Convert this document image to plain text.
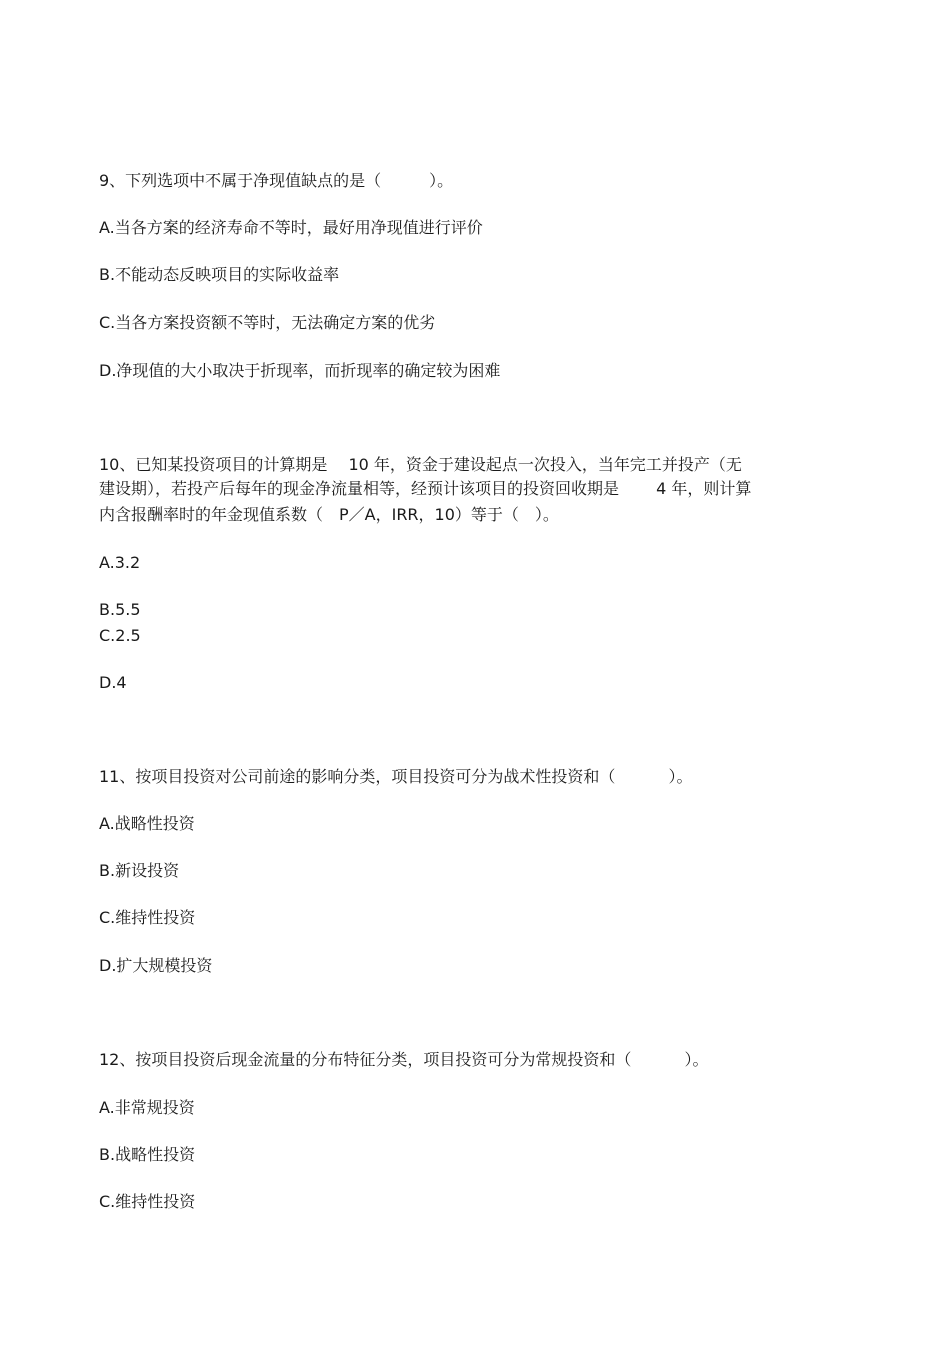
9、下列选项中不属于净现值缺点的是（　　　）。
A.当各方案的经济寿命不等时，最好用净现值进行评价
B.不能动态反映项目的实际收益率
C.当各方案投资额不等时，无法确定方案的优劣
D.净现值的大小取决于折现率，而折现率的确定较为困难
10、已知某投资项目的计算期是　 10 年，资金于建设起点一次投入，当年完工并投产（无
建设期），若投产后每年的现金净流量相等，经预计该项目的投资回收期是　　 4 年，则计算
内含报酬率时的年金现值系数（　P／A，IRR，10）等于（　）。
A.3.2
B.5.5
C.2.5
D.4
11、按项目投资对公司前途的影响分类，项目投资可分为战术性投资和（　　　 ）。
A.战略性投资
B.新设投资
C.维持性投资
D.扩大规模投资
12、按项目投资后现金流量的分布特征分类，项目投资可分为常规投资和（　　　 ）。
A.非常规投资
B.战略性投资
C.维持性投资
